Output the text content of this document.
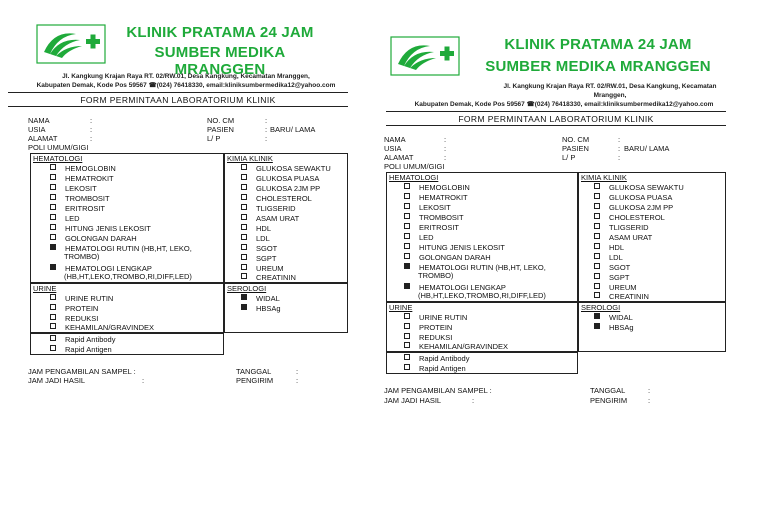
KLINIK PRATAMA 24 JAM
SUMBER MEDIKA MRANGGEN
Jl. Kangkung Krajan Raya RT. 02/RW.01, Desa Kangkung, Kecamatan Mranggen,
Kabupaten Demak, Kode Pos 59567 ☎(024) 76418330, email:kliniksumbermedika12@yahoo.com
FORM PERMINTAAN LABORATORIUM KLINIK
NAMA	:
USIA	:
ALAMAT	:
POLI UMUM/GIGI
NO. CM	:
PASIEN	: BARU/ LAMA
L/ P	:
HEMATOLOGI
HEMOGLOBIN
HEMATROKIT
LEKOSIT
TROMBOSIT
ERITROSIT
LED
HITUNG JENIS LEKOSIT
GOLONGAN DARAH
HEMATOLOGI RUTIN (HB,HT, LEKO,
TROMBO)
HEMATOLOGI LENGKAP
(HB,HT,LEKO,TROMBO,RI,DIFF,LED)
KIMIA KLINIK
GLUKOSA SEWAKTU
GLUKOSA PUASA
GLUKOSA 2JM PP
CHOLESTEROL
TLIGSERID
ASAM URAT
HDL
LDL
SGOT
SGPT
UREUM
CREATININ
URINE
URINE RUTIN
PROTEIN
REDUKSI
KEHAMILAN/GRAVINDEX
SEROLOGI
WIDAL
HBSAg
Rapid Antibody
Rapid Antigen
JAM PENGAMBILAN SAMPEL :
JAM JADI HASIL	:
TANGGAL	:
PENGIRIM	:
KLINIK PRATAMA 24 JAM
SUMBER MEDIKA MRANGGEN
Jl. Kangkung Krajan Raya RT. 02/RW.01, Desa Kangkung, Kecamatan
Mranggen,
Kabupaten Demak, Kode Pos 59567 ☎(024) 76418330, email:kliniksumbermedika12@yahoo.com
FORM PERMINTAAN LABORATORIUM KLINIK
NAMA	:
USIA	:
ALAMAT	:
POLI UMUM/GIGI
NO. CM	:
PASIEN	: BARU/ LAMA
L/ P	:
HEMATOLOGI
HEMOGLOBIN
HEMATROKIT
LEKOSIT
TROMBOSIT
ERITROSIT
LED
HITUNG JENIS LEKOSIT
GOLONGAN DARAH
HEMATOLOGI RUTIN (HB,HT, LEKO,
TROMBO)
HEMATOLOGI LENGKAP
(HB,HT,LEKO,TROMBO,RI,DIFF,LED)
KIMIA KLINIK
GLUKOSA SEWAKTU
GLUKOSA PUASA
GLUKOSA 2JM PP
CHOLESTEROL
TLIGSERID
ASAM URAT
HDL
LDL
SGOT
SGPT
UREUM
CREATININ
URINE
URINE RUTIN
PROTEIN
REDUKSI
KEHAMILAN/GRAVINDEX
SEROLOGI
WIDAL
HBSAg
Rapid Antibody
Rapid Antigen
JAM PENGAMBILAN SAMPEL :
JAM JADI HASIL	:
TANGGAL	:
PENGIRIM	:
